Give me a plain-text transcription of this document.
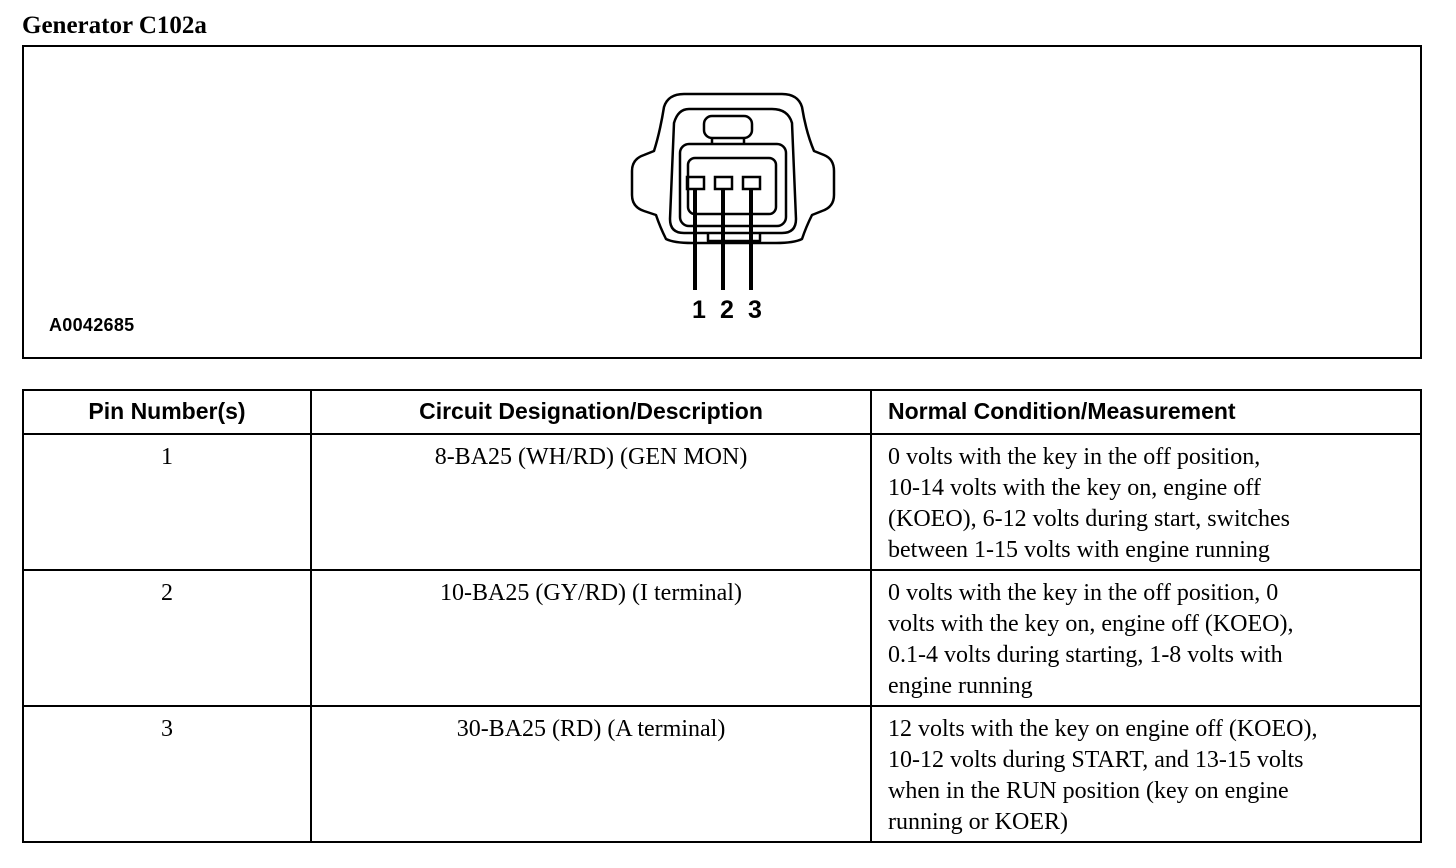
Generator C102a
1 2 3
A0042685
Pin Number(s)	Circuit Designation/Description	Normal Condition/Measurement
1	8-BA25 (WH/RD) (GEN MON)	0 volts with the key in the off position,
10-14 volts with the key on, engine off
(KOEO), 6-12 volts during start, switches
between 1-15 volts with engine running

2	10-BA25 (GY/RD) (I terminal)	0 volts with the key in the off position, 0
volts with the key on, engine off (KOEO),
0.1-4 volts during starting, 1-8 volts with
engine running

3	30-BA25 (RD) (A terminal)	12 volts with the key on engine off (KOEO),
10-12 volts during START, and 13-15 volts
when in the RUN position (key on engine
running or KOER)
